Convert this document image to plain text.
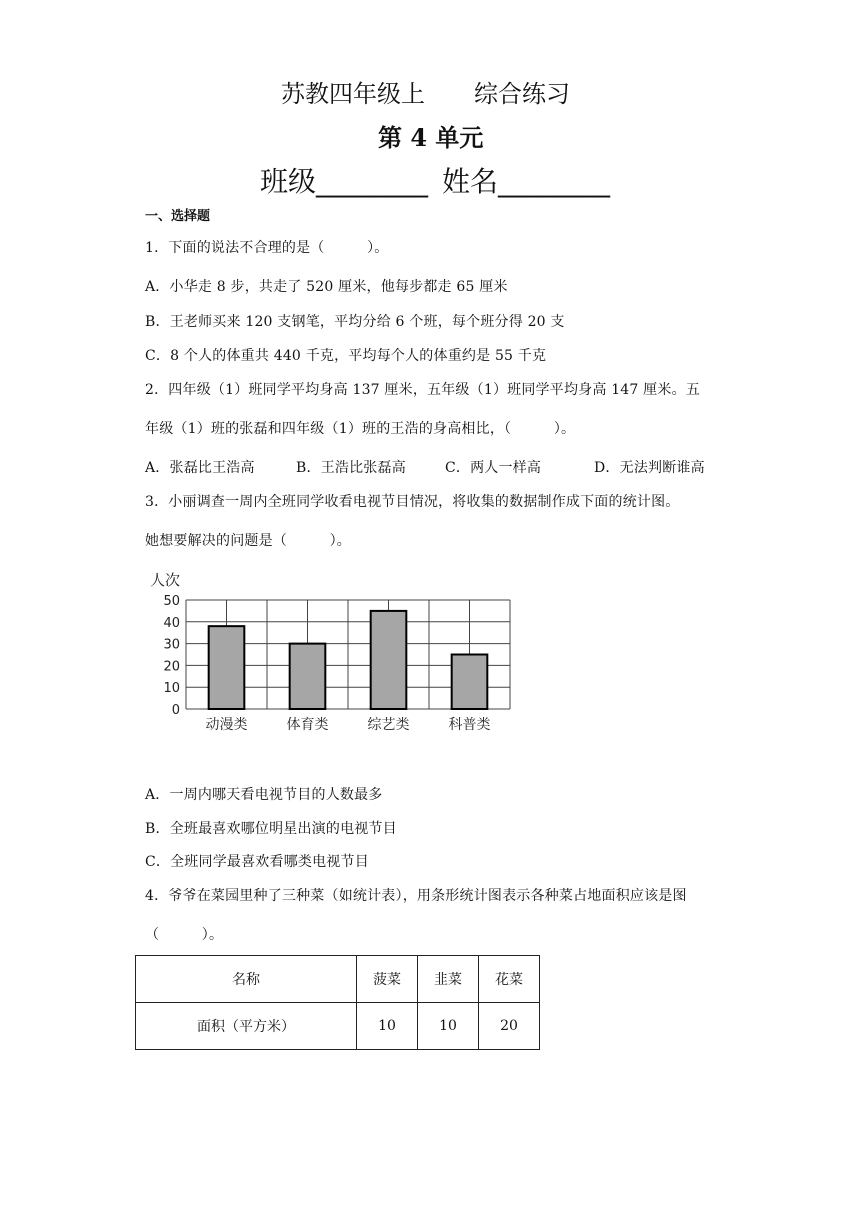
苏教四年级上 综合练习
第 4 单元
班级________ 姓名________
一、选择题
1．下面的说法不合理的是（　　　）。
A．小华走 8 步，共走了 520 厘米，他每步都走 65 厘米
B．王老师买来 120 支钢笔，平均分给 6 个班，每个班分得 20 支
C．8 个人的体重共 440 千克，平均每个人的体重约是 55 千克
2．四年级（1）班同学平均身高 137 厘米，五年级（1）班同学平均身高 147 厘米。五
年级（1）班的张磊和四年级（1）班的王浩的身高相比，（　　　）。
A．张磊比王浩高	B．王浩比张磊高	C．两人一样高	D．无法判断谁高
3．小丽调查一周内全班同学收看电视节目情况，将收集的数据制作成下面的统计图。
她想要解决的问题是（　　　）。
0
10
20
30
40
50
人次
动漫类	体育类	综艺类	科普类
A．一周内哪天看电视节目的人数最多
B．全班最喜欢哪位明星出演的电视节目
C．全班同学最喜欢看哪类电视节目
4．爷爷在菜园里种了三种菜（如统计表），用条形统计图表示各种菜占地面积应该是图
（　　　）。
名称	菠菜	韭菜	花菜
面积（平方米）	10	10	20
